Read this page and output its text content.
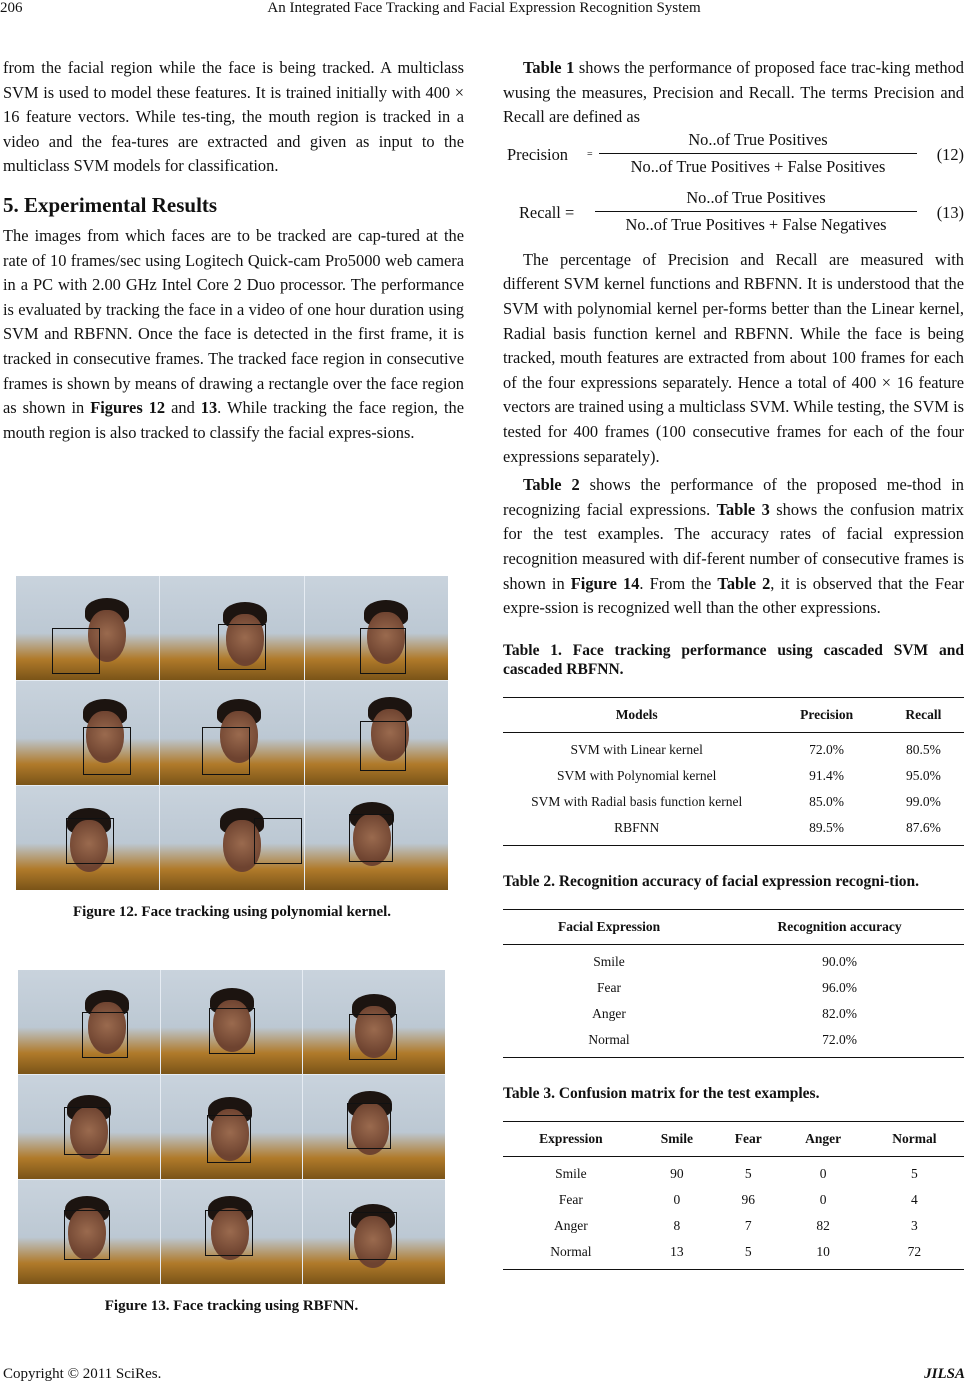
206	An Integrated Face Tracking and Facial Expression Recognition System

from the facial region while the face is being tracked. A multiclass SVM is used to model these features. It is trained initially with 400 × 16 feature vectors. While tes-ting, the mouth region is tracked in a video and the fea-tures are extracted and given as input to the multiclass SVM models for classification.

5. Experimental Results

The images from which faces are to be tracked are cap-tured at the rate of 10 frames/sec using Logitech Quick-cam Pro5000 web camera in a PC with 2.00 GHz Intel Core 2 Duo processor. The performance is evaluated by tracking the face in a video of one hour duration using SVM and RBFNN. Once the face is detected in the first frame, it is tracked in consecutive frames. The tracked face region in consecutive frames is shown by means of drawing a rectangle over the face region as shown in Figures 12 and 13. While tracking the face region, the mouth region is also tracked to classify the facial expres-sions.

Figure 12. Face tracking using polynomial kernel.
Figure 13. Face tracking using RBFNN.

Table 1 shows the performance of proposed face trac-king method wusing the measures, Precision and Recall. The terms Precision and Recall are defined as

Precision =
No..of True Positives
No..of True Positives + False Positives
(12)
Recall =
No..of True Positives
No..of True Positives + False Negatives
(13)

The percentage of Precision and Recall are measured with different SVM kernel functions and RBFNN. It is understood that the SVM with polynomial kernel per-forms better than the Linear kernel, Radial basis function kernel and RBFNN. While the face is being tracked, mouth features are extracted from about 100 frames for each of the four expressions separately. Hence a total of 400 × 16 feature vectors are trained using a multiclass SVM. While testing, the SVM is tested for 400 frames (100 consecutive frames for each of the four expressions separately).

Table 2 shows the performance of the proposed me-thod in recognizing facial expressions. Table 3 shows the confusion matrix for the test examples. The accuracy rates of facial expression recognition measured with dif-ferent number of consecutive frames is shown in Figure 14. From the Table 2, it is observed that the Fear expre-ssion is recognized well than the other expressions.

Table 1. Face tracking performance using cascaded SVM and cascaded RBFNN.
Models	Precision	Recall
SVM with Linear kernel	72.0%	80.5%
SVM with Polynomial kernel	91.4%	95.0%
SVM with Radial basis function kernel	85.0%	99.0%
RBFNN	89.5%	87.6%
Table 2. Recognition accuracy of facial expression recogni-tion.
Facial Expression	Recognition accuracy
Smile	90.0%
Fear	96.0%
Anger	82.0%
Normal	72.0%
Table 3. Confusion matrix for the test examples.
Expression	Smile	Fear	Anger	Normal
Smile	90	5	0	5
Fear	0	96	0	4
Anger	8	7	82	3
Normal	13	5	10	72
Copyright © 2011 SciRes.	JILSA
